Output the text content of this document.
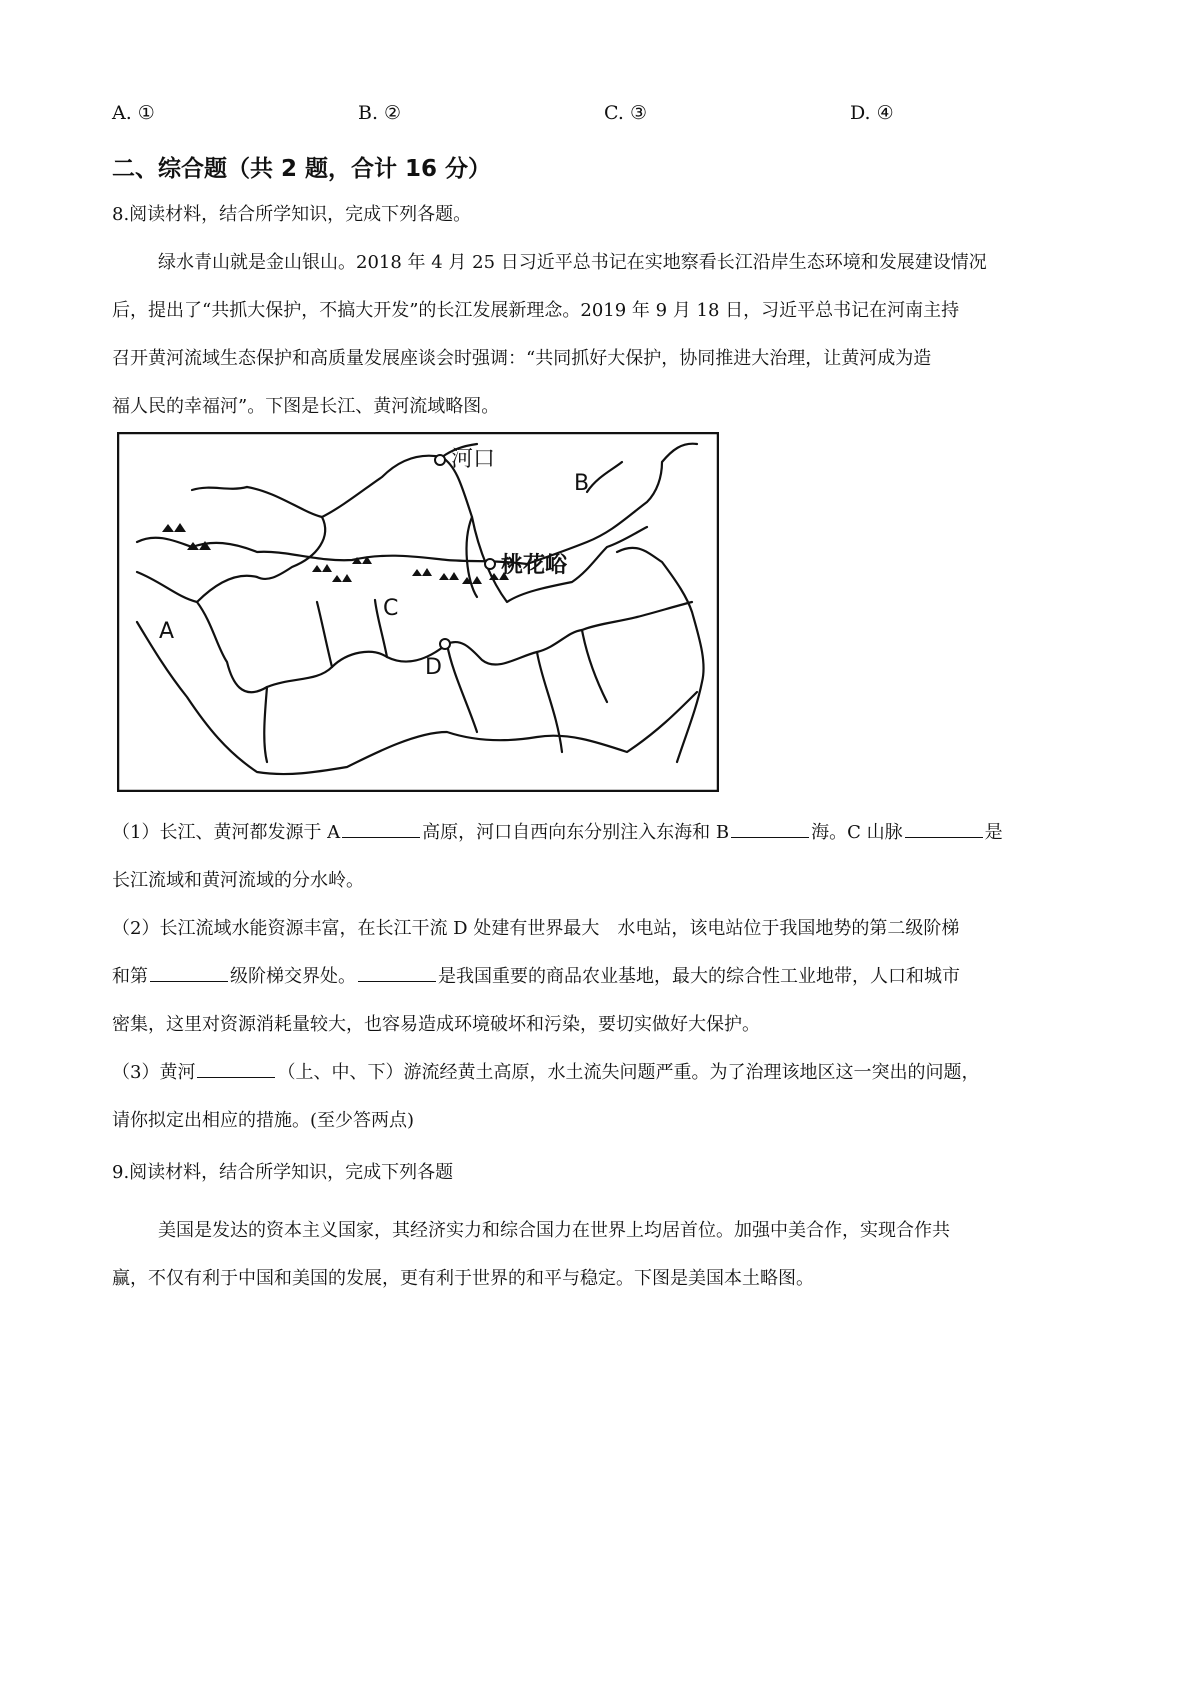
A. ①	B. ②	C. ③	D. ④
二、综合题（共 2 题，合计 16 分）
8.阅读材料，结合所学知识，完成下列各题。
绿水青山就是金山银山。2018 年 4 月 25 日习近平总书记在实地察看长江沿岸生态环境和发展建设情况
后，提出了“共抓大保护，不搞大开发”的长江发展新理念。2019 年 9 月 18 日，习近平总书记在河南主持
召开黄河流域生态保护和高质量发展座谈会时强调：“共同抓好大保护，协同推进大治理，让黄河成为造
福人民的幸福河”。下图是长江、黄河流域略图。
河口
桃花峪
A
B
C
D
（1）长江、黄河都发源于 A	高原，河口自西向东分别注入东海和 B	海。C 山脉	是
长江流域和黄河流域的分水岭。
（2）长江流域水能资源丰富，在长江干流 D 处建有世界最大　水电站，该电站位于我国地势的第二级阶梯
和第	级阶梯交界处。	是我国重要的商品农业基地，最大的综合性工业地带，人口和城市
密集，这里对资源消耗量较大，也容易造成环境破坏和污染，要切实做好大保护。
（3）黄河	（上、中、下）游流经黄土高原，水土流失问题严重。为了治理该地区这一突出的问题，
请你拟定出相应的措施。(至少答两点)
9.阅读材料，结合所学知识，完成下列各题
美国是发达的资本主义国家，其经济实力和综合国力在世界上均居首位。加强中美合作，实现合作共
赢，不仅有利于中国和美国的发展，更有利于世界的和平与稳定。下图是美国本土略图。
